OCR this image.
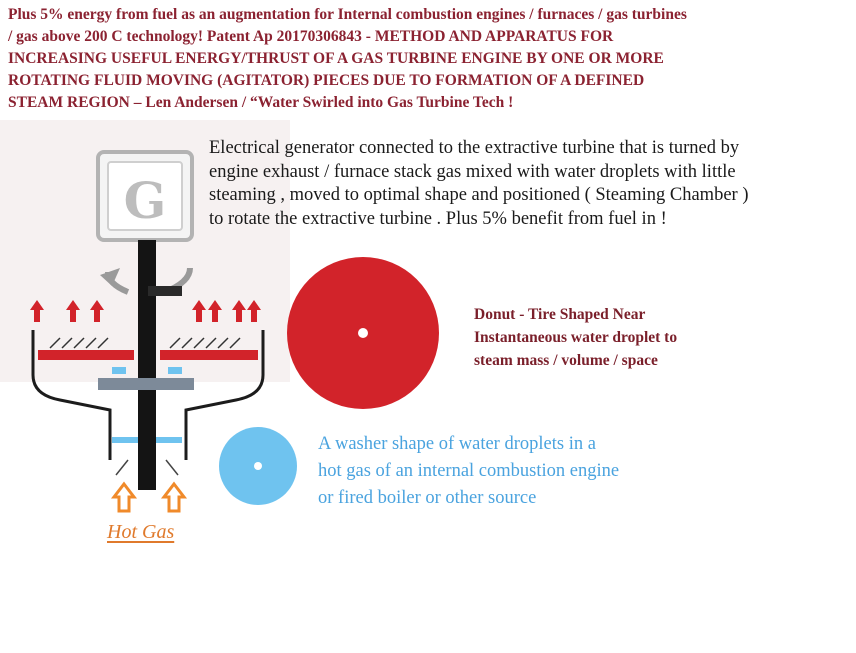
Plus 5% energy from fuel as an augmentation for Internal combustion engines / furnaces / gas turbines
/ gas above 200 C technology! Patent Ap 20170306843 - METHOD AND APPARATUS FOR
INCREASING USEFUL ENERGY/THRUST OF A GAS TURBINE ENGINE BY ONE OR MORE
ROTATING FLUID MOVING (AGITATOR) PIECES DUE TO FORMATION OF A DEFINED
STEAM REGION – Len Andersen / “Water Swirled into Gas Turbine Tech !
G
Electrical generator connected to the extractive turbine that is turned by
engine exhaust / furnace stack gas mixed with water droplets with little
steaming , moved to optimal shape and positioned ( Steaming Chamber )
to rotate the extractive turbine . Plus 5% benefit from fuel in !
Donut - Tire Shaped Near
Instantaneous water droplet to
steam mass / volume / space
A washer shape of water droplets in a
hot gas of an internal combustion engine
or fired boiler or other source
Hot Gas
